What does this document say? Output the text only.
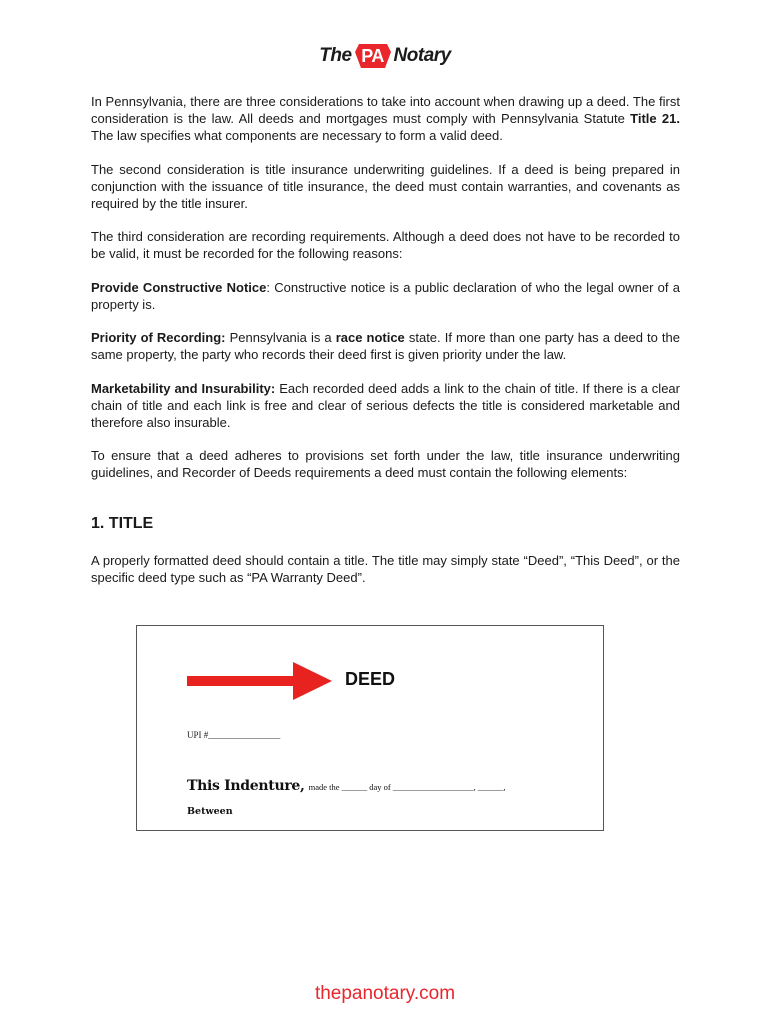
The PA Notary

In Pennsylvania, there are three considerations to take into account when drawing up a deed. The first consideration is the law. All deeds and mortgages must comply with Pennsylvania Statute Title 21. The law specifies what components are necessary to form a valid deed.

The second consideration is title insurance underwriting guidelines. If a deed is being prepared in conjunction with the issuance of title insurance, the deed must contain warranties, and covenants as required by the title insurer.

The third consideration are recording requirements. Although a deed does not have to be recorded to be valid, it must be recorded for the following reasons:

Provide Constructive Notice: Constructive notice is a public declaration of who the legal owner of a property is.

Priority of Recording: Pennsylvania is a race notice state. If more than one party has a deed to the same property, the party who records their deed first is given priority under the law.

Marketability and Insurability: Each recorded deed adds a link to the chain of title. If there is a clear chain of title and each link is free and clear of serious defects the title is considered marketable and therefore also insurable.

To ensure that a deed adheres to provisions set forth under the law, title insurance underwriting guidelines, and Recorder of Deeds requirements a deed must contain the following elements:

1. TITLE

A properly formatted deed should contain a title. The title may simply state “Deed”, “This Deed”, or the specific deed type such as “PA Warranty Deed”.

DEED
UPI #________________
This Indenture, made the ______ day of ___________________, ______,
Between
thepanotary.com
